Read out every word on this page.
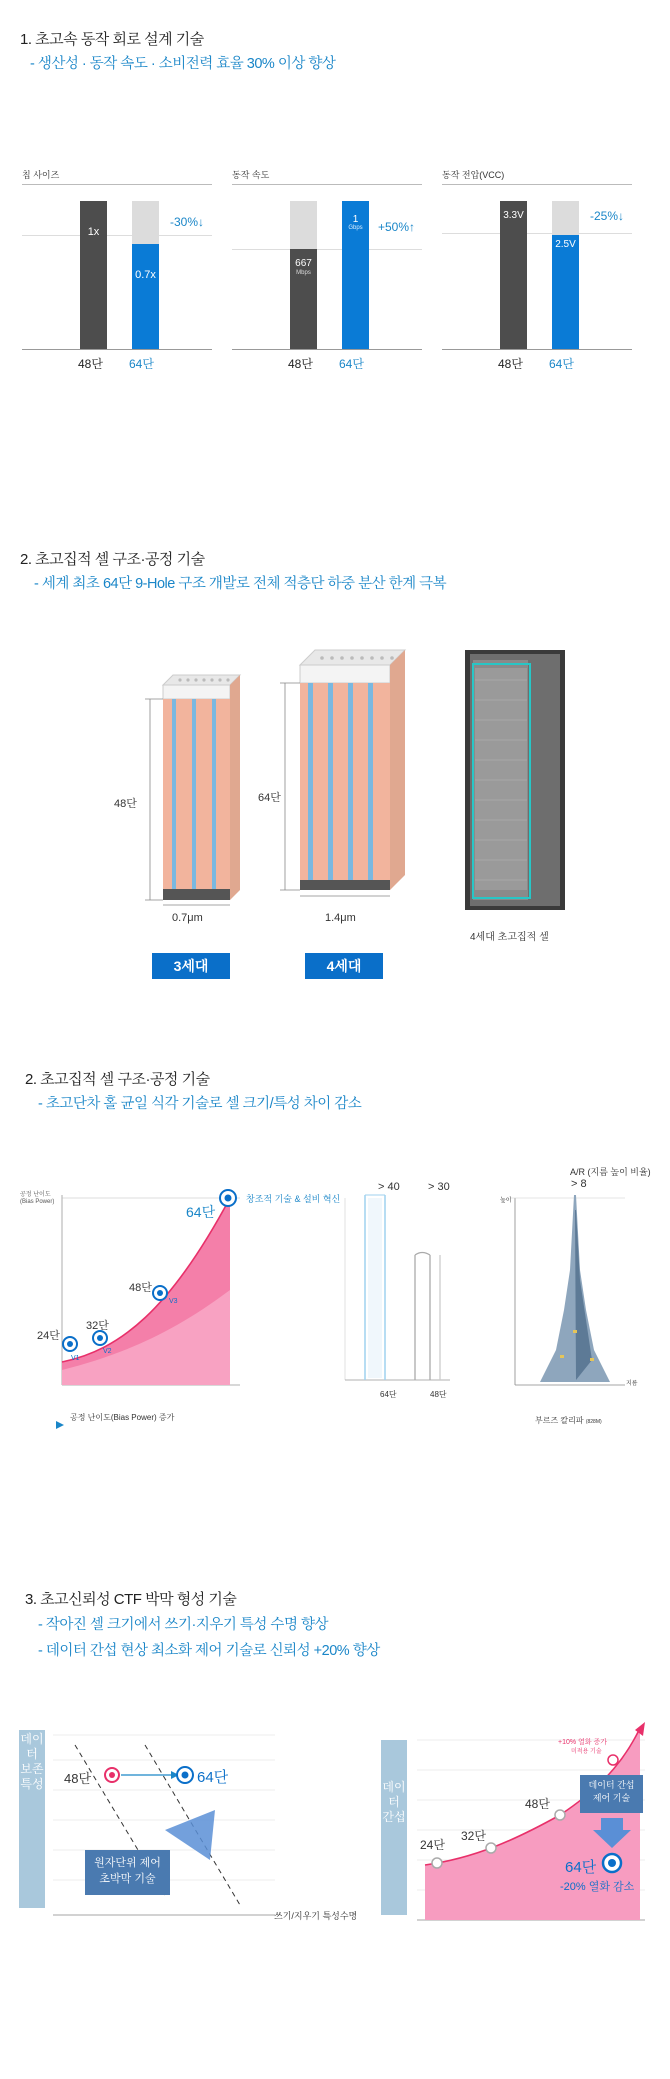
1. 초고속 동작 회로 설계 기술
- 생산성 · 동작 속도 · 소비전력 효율 30% 이상 향상
칩 사이즈
1x
0.7x
-30%↓
48단 64단
동작 속도
667
Mbps
1
Gbps	+50%↑
48단 64단
동작 전압(VCC)
3.3V
2.5V
-25%↓
48단 64단
2. 초고집적 셀 구조·공정 기술
- 세계 최초 64단 9-Hole 구조 개발로 전체 적층단 하중 분산 한계 극복
48단
0.7μm
3세대
64단
1.4μm
4세대
4세대 초고집적 셀
2. 초고집적 셀 구조·공정 기술
- 초고단차 홀 균일 식각 기술로 셀 크기/특성 차이 감소
공정 난이도
(Bias Power)
24단
32단
48단
64단
V1
V2
V3
창조적 기술 & 설비 혁신
공정 난이도(Bias Power) 증가
> 40	> 30
64단	48단
A/R (지름 높이 비율)
> 8
높이
지름
부르즈 칼리파 (828M)
3. 초고신뢰성 CTF 박막 형성 기술
- 작아진 셀 크기에서 쓰기·지우기 특성 수명 향상
- 데이터 간섭 현상 최소화 제어 기술로 신뢰성 +20% 향상
데이터 보존특성 48단	64단
원자단위 제어
초박막 기술
쓰기/지우기 특성수명
데이터 간섭
24단
32단
48단
+10% 열화 증가
미적용 기술
데이터 간섭
제어 기술
64단
-20% 열화 감소
